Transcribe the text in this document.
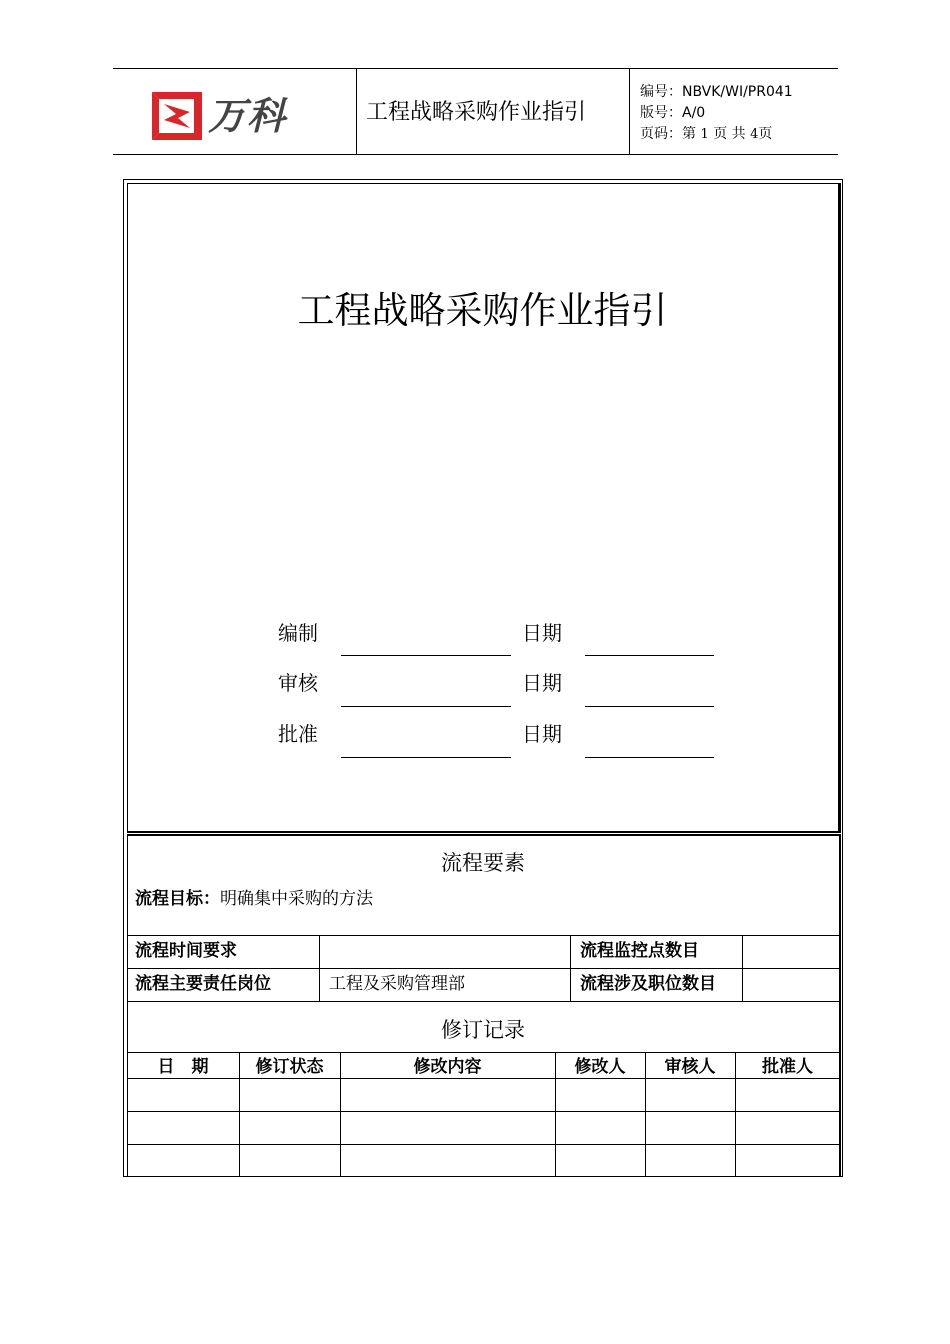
万科	工程战略采购作业指引
编号：NBVK/WI/PR041
版号：A/0
页码：第 1 页 共 4页
工程战略采购作业指引
编制	日期
审核	日期
批准	日期
流程要素
流程目标：明确集中采购的方法
流程时间要求	流程监控点数目
流程主要责任岗位	工程及采购管理部	流程涉及职位数目
修订记录
日　期	修订状态	修改内容	修改人	审核人	批准人
